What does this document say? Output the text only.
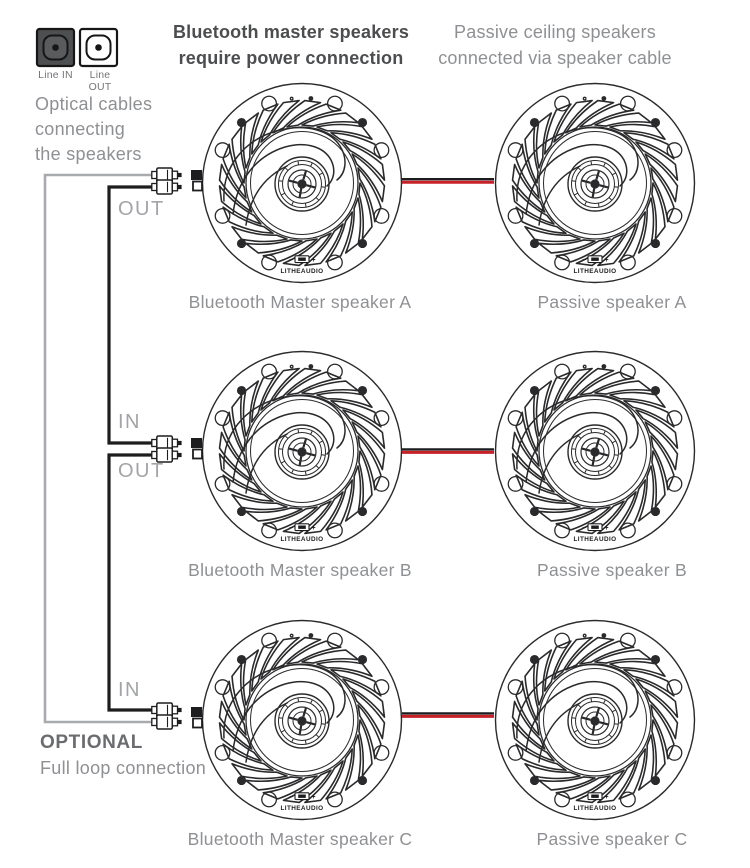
Line IN	Line OUT
Optical cables
connecting
the speakers
Bluetooth master speakers
require power connection
Passive ceiling speakers
connected via speaker cable
Bluetooth Master speaker A	Passive speaker A
Bluetooth Master speaker B	Passive speaker B
Bluetooth Master speaker C	Passive speaker C
OUT
IN
OUT
IN
OPTIONAL
Full loop connection
